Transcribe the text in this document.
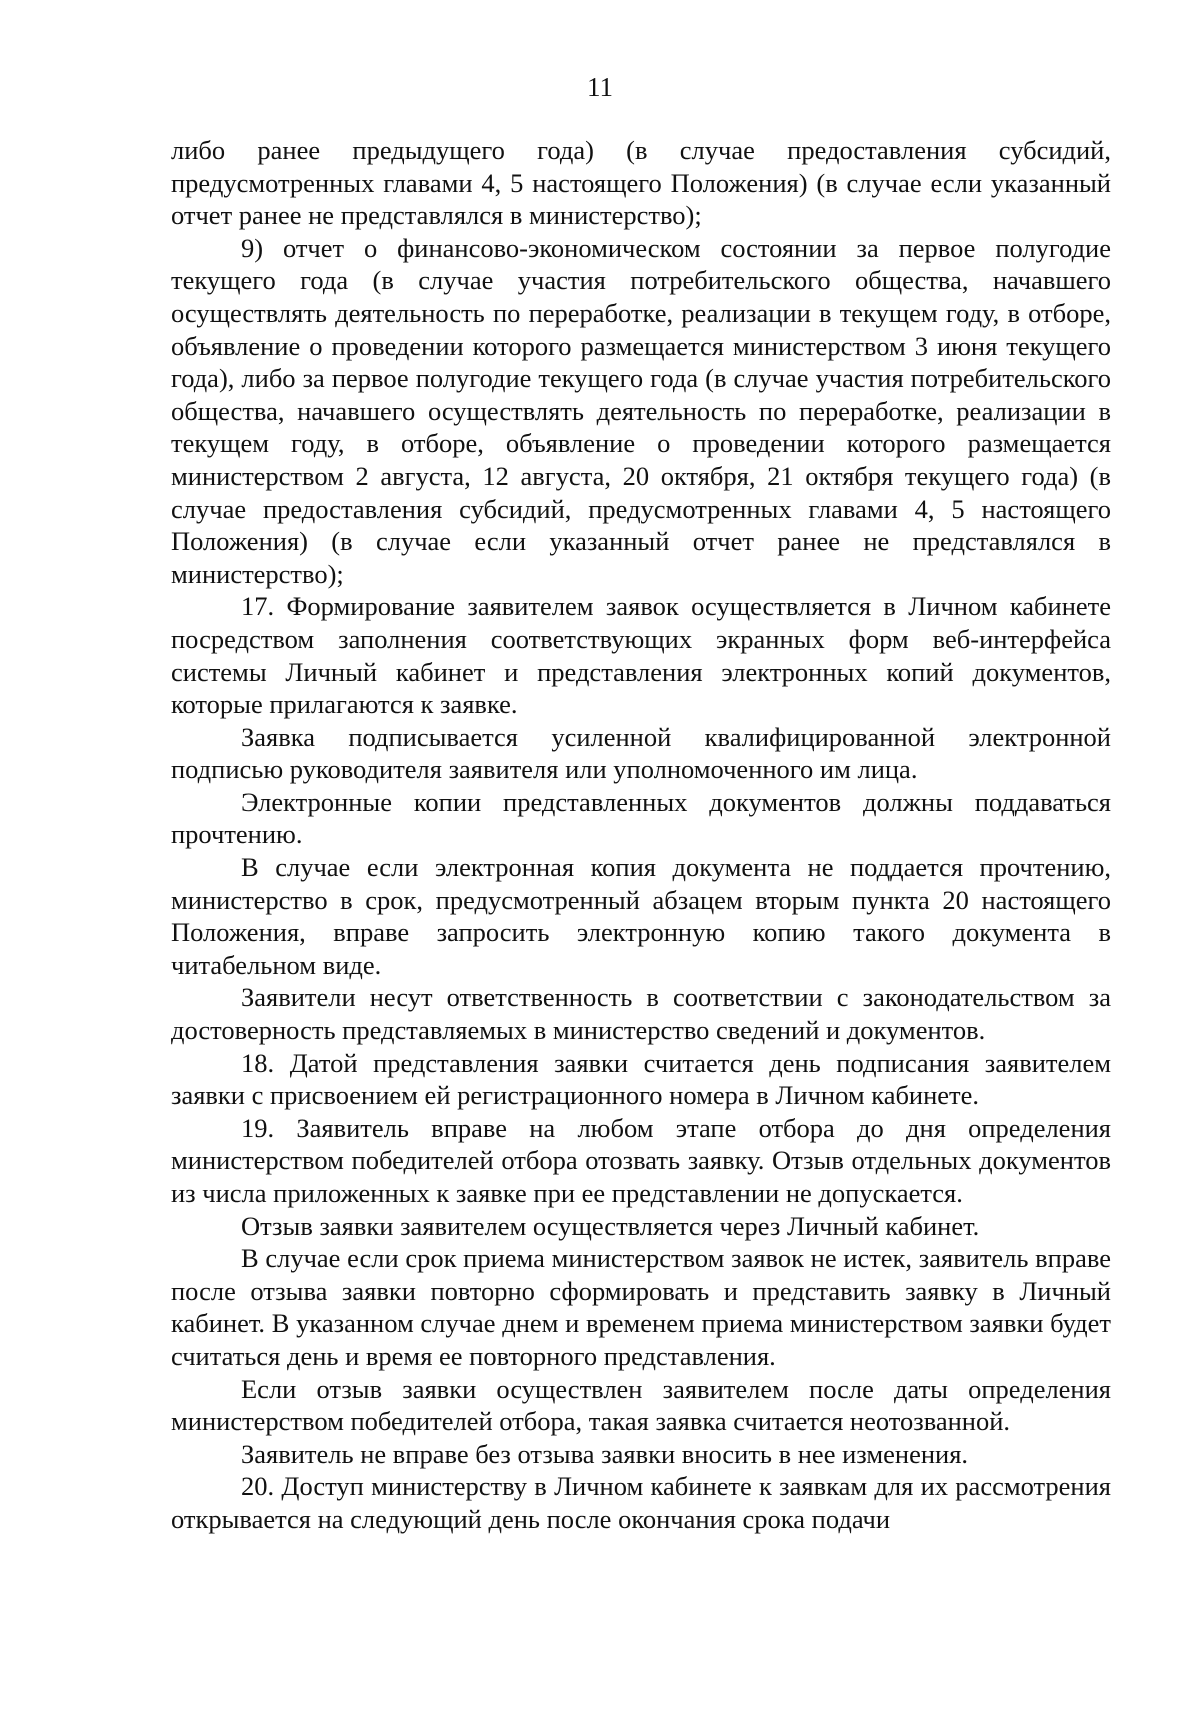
11

либо ранее предыдущего года) (в случае предоставления субсидий, предусмотренных главами 4, 5 настоящего Положения) (в случае если указанный отчет ранее не представлялся в министерство);

9) отчет о финансово-экономическом состоянии за первое полугодие текущего года (в случае участия потребительского общества, начавшего осуществлять деятельность по переработке, реализации в текущем году, в отборе, объявление о проведении которого размещается министерством 3 июня текущего года), либо за первое полугодие текущего года (в случае участия потребительского общества, начавшего осуществлять деятельность по переработке, реализации в текущем году, в отборе, объявление о проведении которого размещается министерством 2 августа, 12 августа, 20 октября, 21 октября текущего года) (в случае предоставления субсидий, предусмотренных главами 4, 5 настоящего Положения) (в случае если указанный отчет ранее не представлялся в министерство);

17. Формирование заявителем заявок осуществляется в Личном кабинете посредством заполнения соответствующих экранных форм веб-интерфейса системы Личный кабинет и представления электронных копий документов, которые прилагаются к заявке.

Заявка подписывается усиленной квалифицированной электронной подписью руководителя заявителя или уполномоченного им лица.

Электронные копии представленных документов должны поддаваться прочтению.

В случае если электронная копия документа не поддается прочтению, министерство в срок, предусмотренный абзацем вторым пункта 20 настоящего Положения, вправе запросить электронную копию такого документа в читабельном виде.

Заявители несут ответственность в соответствии с законодательством за достоверность представляемых в министерство сведений и документов.

18. Датой представления заявки считается день подписания заявителем заявки с присвоением ей регистрационного номера в Личном кабинете.

19. Заявитель вправе на любом этапе отбора до дня определения министерством победителей отбора отозвать заявку. Отзыв отдельных документов из числа приложенных к заявке при ее представлении не допускается.

Отзыв заявки заявителем осуществляется через Личный кабинет.

В случае если срок приема министерством заявок не истек, заявитель вправе после отзыва заявки повторно сформировать и представить заявку в Личный кабинет. В указанном случае днем и временем приема министерством заявки будет считаться день и время ее повторного представления.

Если отзыв заявки осуществлен заявителем после даты определения министерством победителей отбора, такая заявка считается неотозванной.

Заявитель не вправе без отзыва заявки вносить в нее изменения.

20. Доступ министерству в Личном кабинете к заявкам для их рассмотрения открывается на следующий день после окончания срока подачи
